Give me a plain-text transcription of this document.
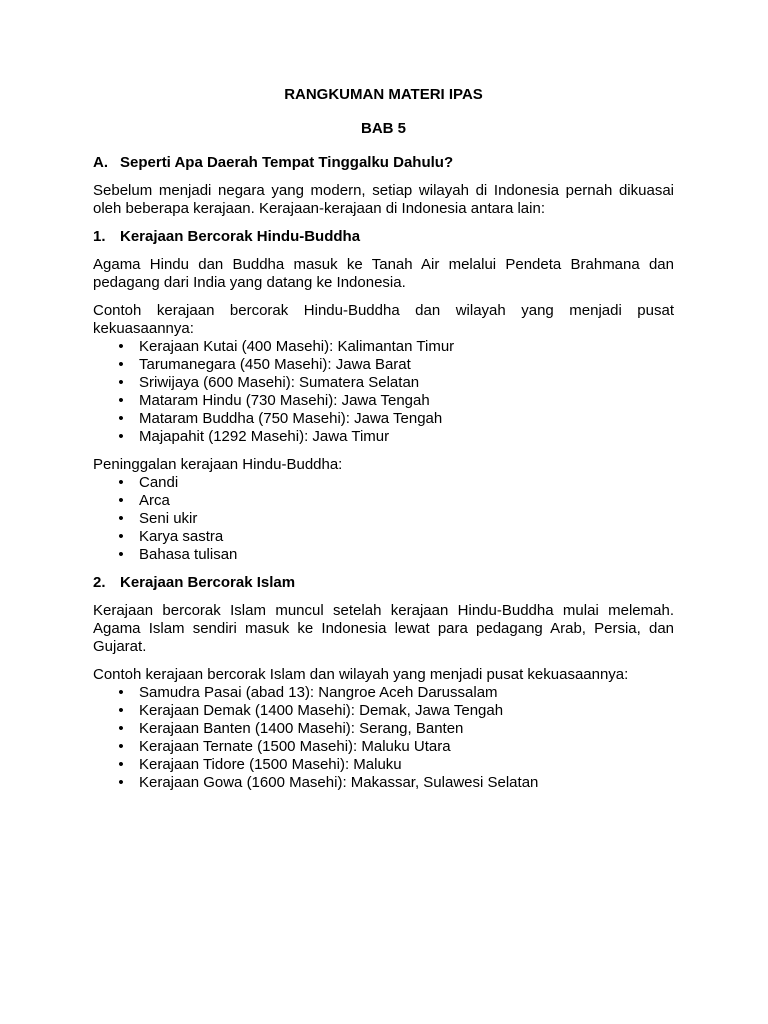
RANGKUMAN MATERI IPAS

BAB 5

A. Seperti Apa Daerah Tempat Tinggalku Dahulu?

Sebelum menjadi negara yang modern, setiap wilayah di Indonesia pernah dikuasai

oleh beberapa kerajaan. Kerajaan-kerajaan di Indonesia antara lain:

1. Kerajaan Bercorak Hindu-Buddha

Agama Hindu dan Buddha masuk ke Tanah Air melalui Pendeta Brahmana dan

pedagang dari India yang datang ke Indonesia.

Contoh kerajaan bercorak Hindu-Buddha dan wilayah yang menjadi pusat

kekuasaannya:

• Kerajaan Kutai (400 Masehi): Kalimantan Timur
• Tarumanegara (450 Masehi): Jawa Barat
• Sriwijaya (600 Masehi): Sumatera Selatan
• Mataram Hindu (730 Masehi): Jawa Tengah
• Mataram Buddha (750 Masehi): Jawa Tengah
• Majapahit (1292 Masehi): Jawa Timur

Peninggalan kerajaan Hindu-Buddha:

• Candi
• Arca
• Seni ukir
• Karya sastra
• Bahasa tulisan

2. Kerajaan Bercorak Islam

Kerajaan bercorak Islam muncul setelah kerajaan Hindu-Buddha mulai melemah.

Agama Islam sendiri masuk ke Indonesia lewat para pedagang Arab, Persia, dan

Gujarat.

Contoh kerajaan bercorak Islam dan wilayah yang menjadi pusat kekuasaannya:

• Samudra Pasai (abad 13): Nangroe Aceh Darussalam
• Kerajaan Demak (1400 Masehi): Demak, Jawa Tengah
• Kerajaan Banten (1400 Masehi): Serang, Banten
• Kerajaan Ternate (1500 Masehi): Maluku Utara
• Kerajaan Tidore (1500 Masehi): Maluku
• Kerajaan Gowa (1600 Masehi): Makassar, Sulawesi Selatan
